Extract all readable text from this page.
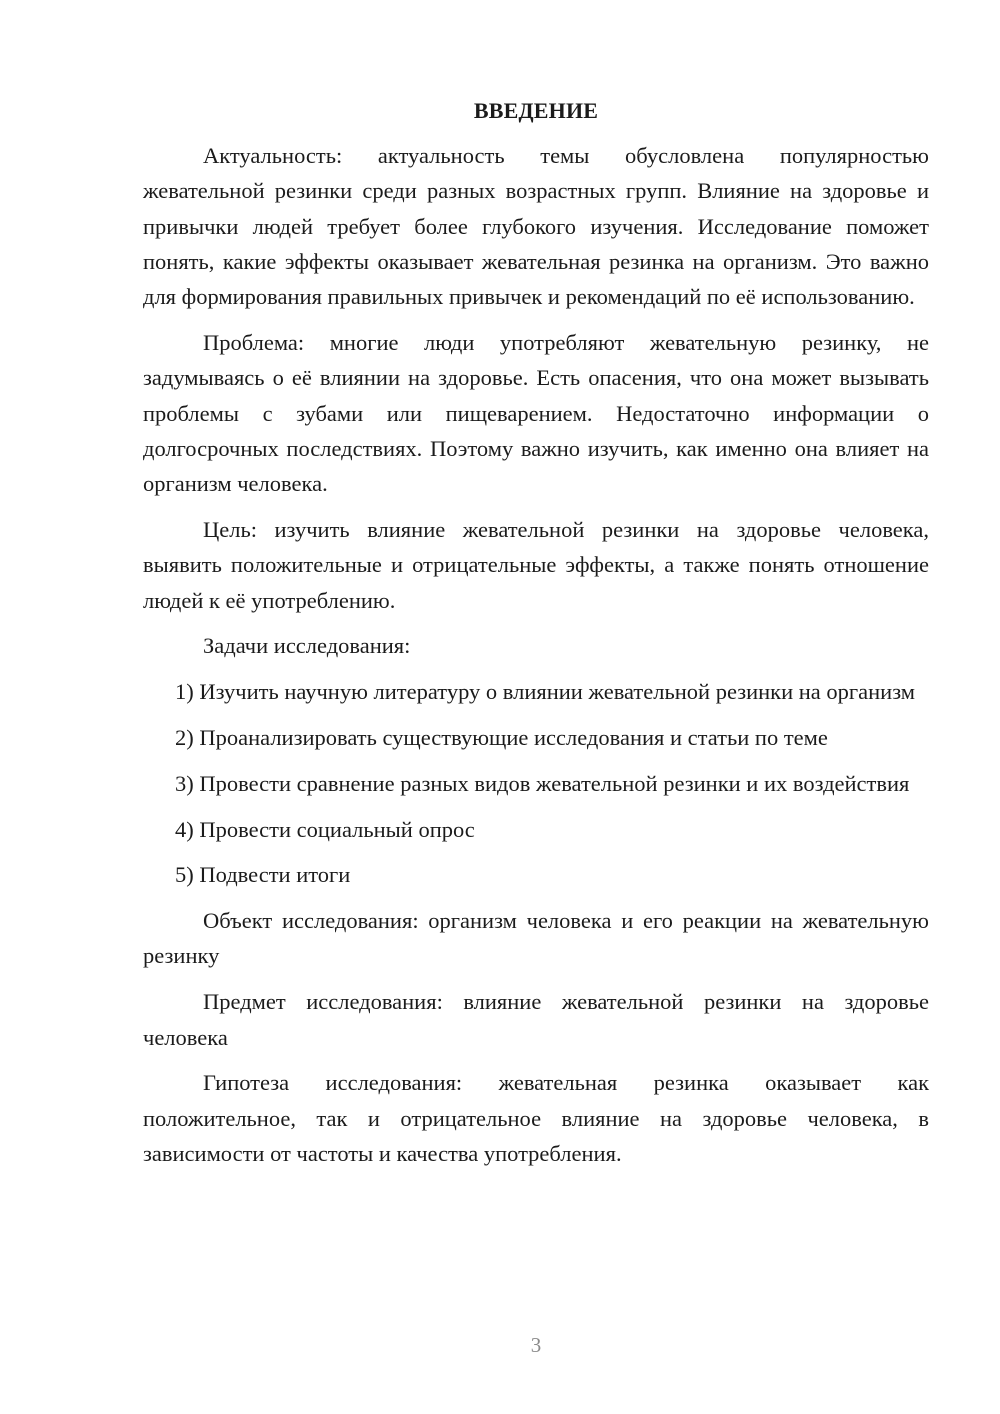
ВВЕДЕНИЕ

Актуальность: актуальность темы обусловлена популярностью жевательной резинки среди разных возрастных групп. Влияние на здоровье и привычки людей требует более глубокого изучения. Исследование поможет понять, какие эффекты оказывает жевательная резинка на организм. Это важно для формирования правильных привычек и рекомендаций по её использованию.

Проблема: многие люди употребляют жевательную резинку, не задумываясь о её влиянии на здоровье. Есть опасения, что она может вызывать проблемы с зубами или пищеварением. Недостаточно информации о долгосрочных последствиях. Поэтому важно изучить, как именно она влияет на организм человека.

Цель: изучить влияние жевательной резинки на здоровье человека, выявить положительные и отрицательные эффекты, а также понять отношение людей к её употреблению.

Задачи исследования:

1) Изучить научную литературу о влиянии жевательной резинки на организм

2) Проанализировать существующие исследования и статьи по теме

3) Провести сравнение разных видов жевательной резинки и их воздействия

4) Провести социальный опрос

5) Подвести итоги

Объект исследования: организм человека и его реакции на жевательную резинку

Предмет исследования: влияние жевательной резинки на здоровье человека

Гипотеза исследования: жевательная резинка оказывает как положительное, так и отрицательное влияние на здоровье человека, в зависимости от частоты и качества употребления.

3
